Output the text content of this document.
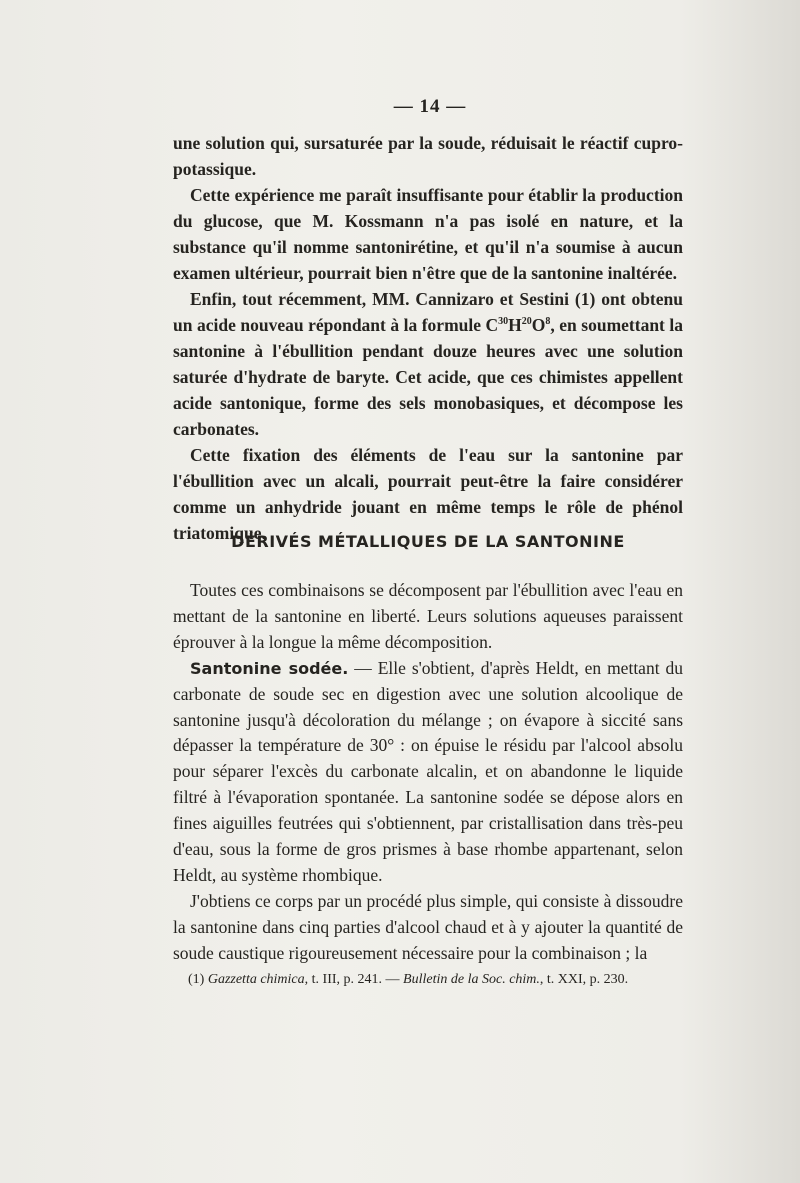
— 14 —

une solution qui, sursaturée par la soude, réduisait le réactif cupro-potassique.

Cette expérience me paraît insuffisante pour établir la production du glucose, que M. Kossmann n'a pas isolé en nature, et la substance qu'il nomme santonirétine, et qu'il n'a soumise à aucun examen ultérieur, pourrait bien n'être que de la santonine inaltérée.

Enfin, tout récemment, MM. Cannizaro et Sestini (1) ont obtenu un acide nouveau répondant à la formule $C^{30}H^{20}O^8$, en soumettant la santonine à l'ébullition pendant douze heures avec une solution saturée d'hydrate de baryte. Cet acide, que ces chimistes appellent acide santonique, forme des sels monobasiques, et décompose les carbonates.

Cette fixation des éléments de l'eau sur la santonine par l'ébullition avec un alcali, pourrait peut-être la faire considérer comme un anhydride jouant en même temps le rôle de phénol triatomique.

DÉRIVÉS MÉTALLIQUES DE LA SANTONINE

Toutes ces combinaisons se décomposent par l'ébullition avec l'eau en mettant de la santonine en liberté. Leurs solutions aqueuses paraissent éprouver à la longue la même décomposition.

Santonine sodée. — Elle s'obtient, d'après Heldt, en mettant du carbonate de soude sec en digestion avec une solution alcoolique de santonine jusqu'à décoloration du mélange ; on évapore à siccité sans dépasser la température de 30° : on épuise le résidu par l'alcool absolu pour séparer l'excès du carbonate alcalin, et on abandonne le liquide filtré à l'évaporation spontanée. La santonine sodée se dépose alors en fines aiguilles feutrées qui s'obtiennent, par cristallisation dans très-peu d'eau, sous la forme de gros prismes à base rhombe appartenant, selon Heldt, au système rhombique.

J'obtiens ce corps par un procédé plus simple, qui consiste à dissoudre la santonine dans cinq parties d'alcool chaud et à y ajouter la quantité de soude caustique rigoureusement nécessaire pour la combinaison ; la

(1) Gazzetta chimica, t. III, p. 241. — Bulletin de la Soc. chim., t. XXI, p. 230.
